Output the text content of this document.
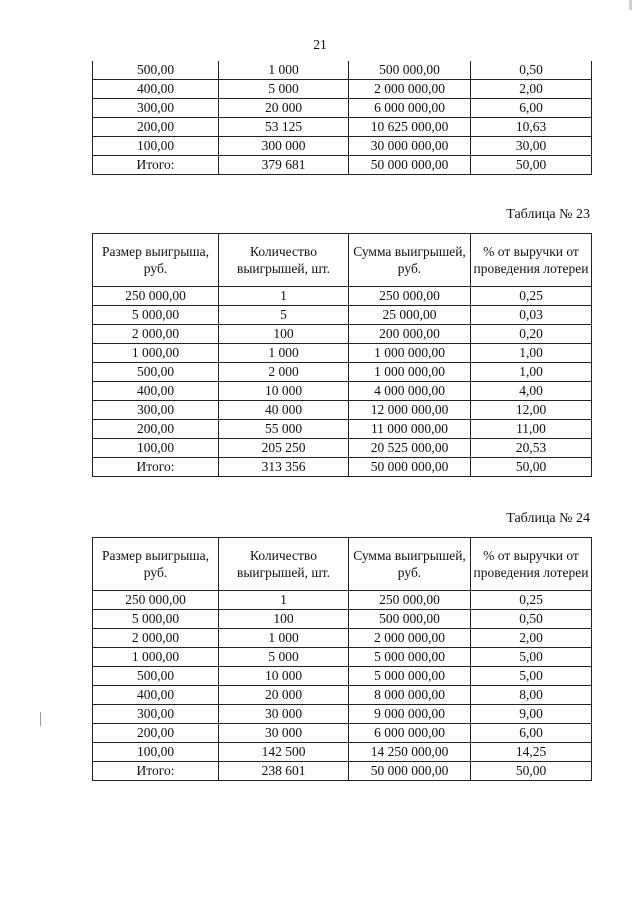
21
500,00	1 000	500 000,00	0,50
400,00	5 000	2 000 000,00	2,00
300,00	20 000	6 000 000,00	6,00
200,00	53 125	10 625 000,00	10,63
100,00	300 000	30 000 000,00	30,00
Итого:	379 681	50 000 000,00	50,00
Таблица № 23
Размер выигрыша, руб.	Количество выигрышей, шт.	Сумма выигрышей, руб.	% от выручки от проведения лотереи
250 000,00	1	250 000,00	0,25
5 000,00	5	25 000,00	0,03
2 000,00	100	200 000,00	0,20
1 000,00	1 000	1 000 000,00	1,00
500,00	2 000	1 000 000,00	1,00
400,00	10 000	4 000 000,00	4,00
300,00	40 000	12 000 000,00	12,00
200,00	55 000	11 000 000,00	11,00
100,00	205 250	20 525 000,00	20,53
Итого:	313 356	50 000 000,00	50,00
Таблица № 24
Размер выигрыша, руб.	Количество выигрышей, шт.	Сумма выигрышей, руб.	% от выручки от проведения лотереи
250 000,00	1	250 000,00	0,25
5 000,00	100	500 000,00	0,50
2 000,00	1 000	2 000 000,00	2,00
1 000,00	5 000	5 000 000,00	5,00
500,00	10 000	5 000 000,00	5,00
400,00	20 000	8 000 000,00	8,00
300,00	30 000	9 000 000,00	9,00
200,00	30 000	6 000 000,00	6,00
100,00	142 500	14 250 000,00	14,25
Итого:	238 601	50 000 000,00	50,00
